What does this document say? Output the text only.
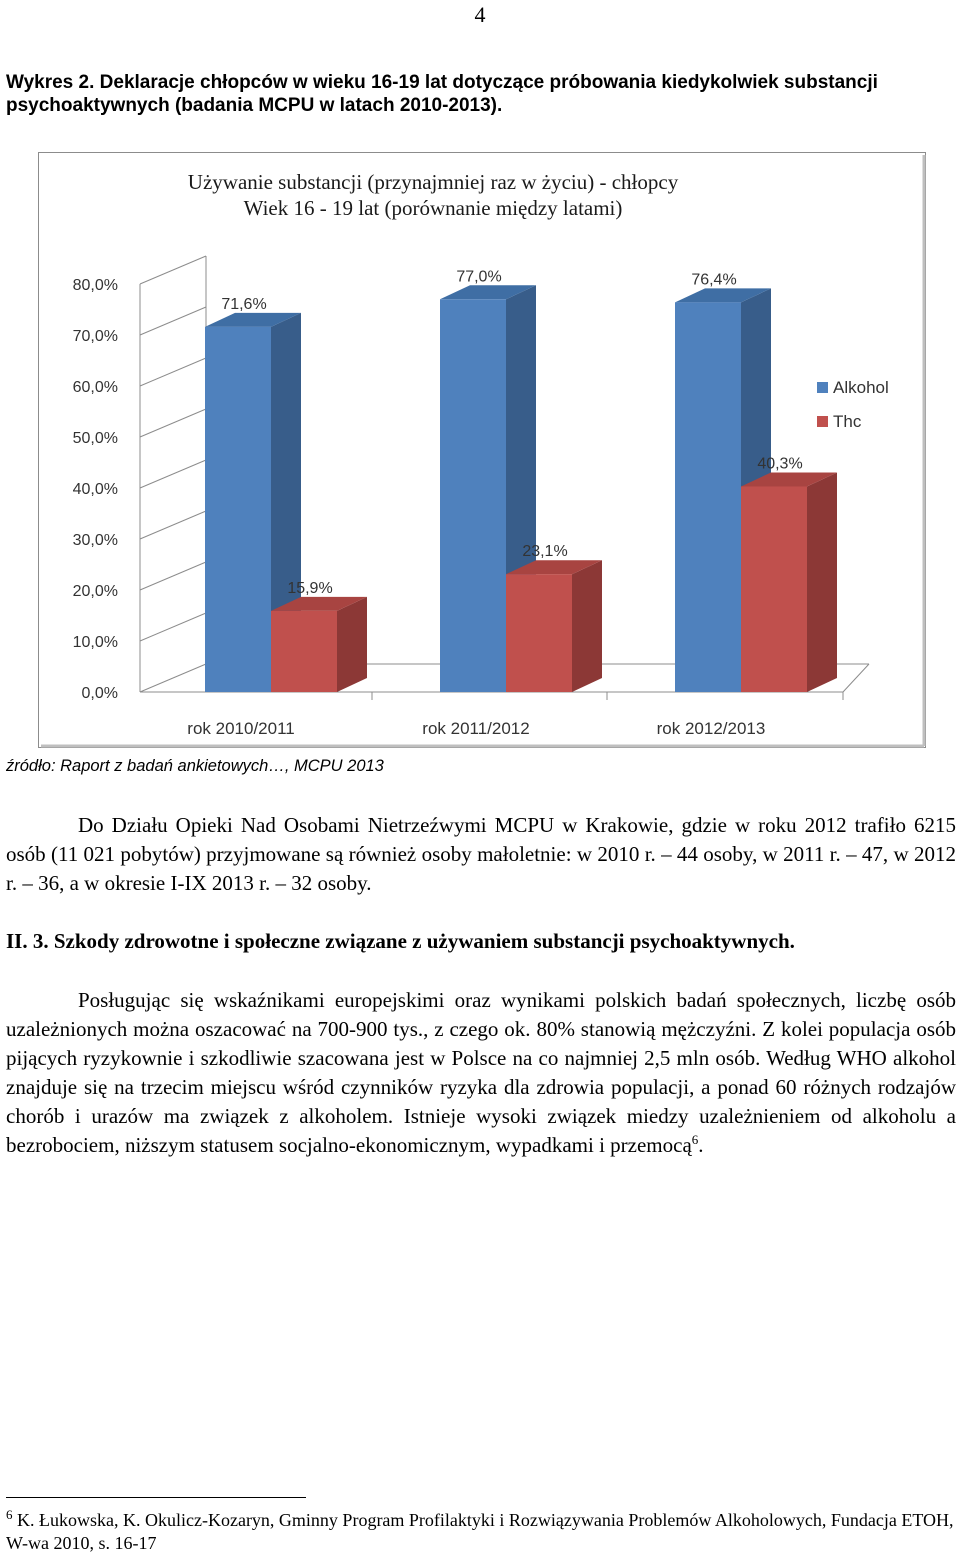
4
Wykres 2. Deklaracje chłopców w wieku 16-19 lat dotyczące próbowania kiedykolwiek substancji psychoaktywnych (badania MCPU w latach 2010-2013).
Używanie substancji (przynajmniej raz w życiu) - chłopcy
Wiek 16 - 19 lat (porównanie między latami)
0,0%
10,0%
20,0%
30,0%
40,0%
50,0%
60,0%
70,0%
80,0%
71,6%
15,9%
rok 2010/2011
77,0%
23,1%
rok 2011/2012
76,4%
40,3%
rok 2012/2013
Alkohol
Thc
źródło: Raport z badań ankietowych…, MCPU 2013
Do Działu Opieki Nad Osobami Nietrzeźwymi MCPU w Krakowie, gdzie w roku 2012 trafiło 6215 osób (11 021 pobytów) przyjmowane są również osoby małoletnie: w 2010 r. – 44 osoby, w 2011 r. – 47, w 2012 r. – 36, a w okresie I-IX 2013 r. – 32 osoby.
II. 3. Szkody zdrowotne i społeczne związane z używaniem substancji psychoaktywnych.
Posługując się wskaźnikami europejskimi oraz wynikami polskich badań społecznych, liczbę osób uzależnionych można oszacować na 700-900 tys., z czego ok. 80% stanowią mężczyźni. Z kolei populacja osób pijących ryzykownie i szkodliwie szacowana jest w Polsce na co najmniej 2,5 mln osób. Według WHO alkohol znajduje się na trzecim miejscu wśród czynników ryzyka dla zdrowia populacji, a ponad 60 różnych rodzajów chorób i urazów ma związek z alkoholem. Istnieje wysoki związek miedzy uzależnieniem od alkoholu a bezrobociem, niższym statusem socjalno-ekonomicznym, wypadkami i przemocą$^6$.
$^6$ K. Łukowska, K. Okulicz-Kozaryn, Gminny Program Profilaktyki i Rozwiązywania Problemów Alkoholowych, Fundacja ETOH, W-wa 2010, s. 16-17
